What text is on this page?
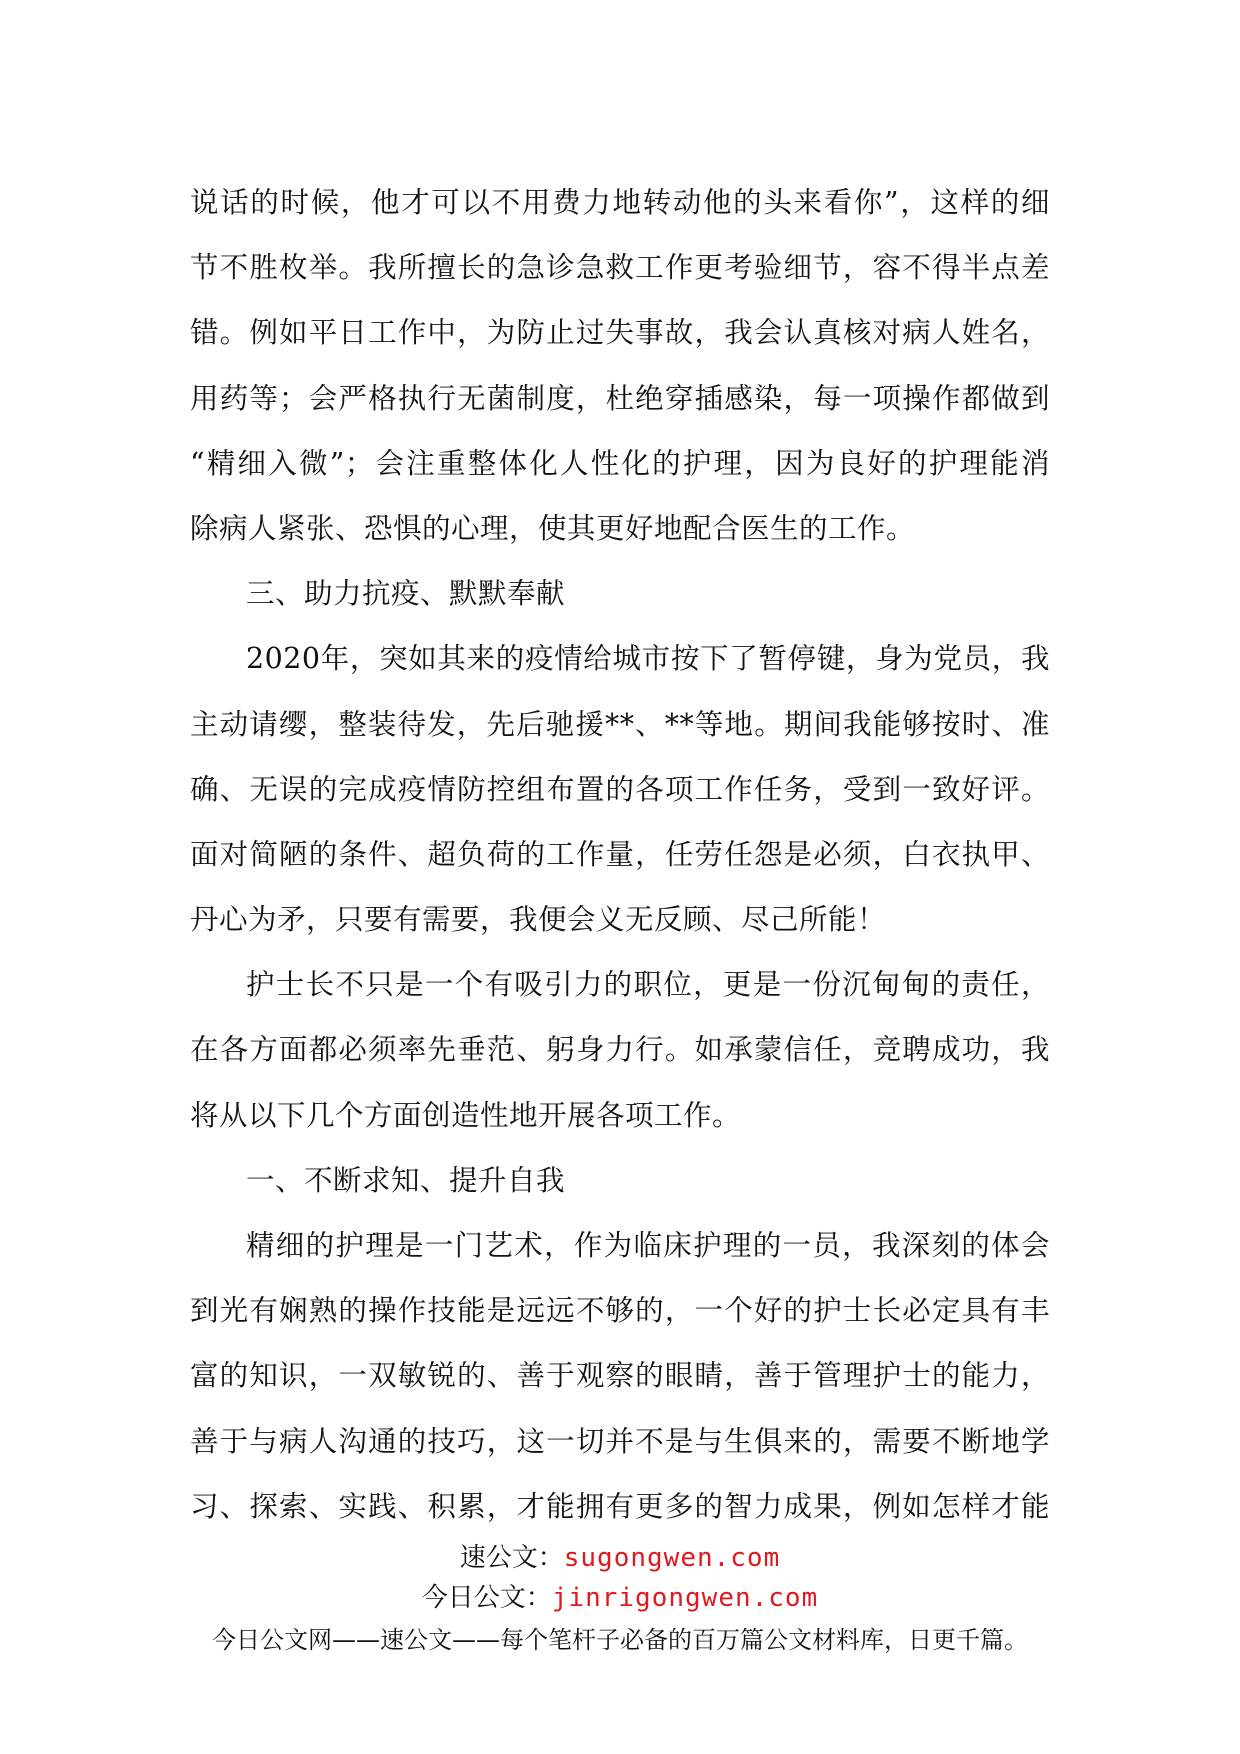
说话的时候，他才可以不用费力地转动他的头来看你”，这样的细
节不胜枚举。我所擅长的急诊急救工作更考验细节，容不得半点差
错。例如平日工作中，为防止过失事故，我会认真核对病人姓名，
用药等；会严格执行无菌制度，杜绝穿插感染，每一项操作都做到
“精细入微”；会注重整体化人性化的护理，因为良好的护理能消
除病人紧张、恐惧的心理，使其更好地配合医生的工作。
三、助力抗疫、默默奉献
2020年，突如其来的疫情给城市按下了暂停键，身为党员，我
主动请缨，整装待发，先后驰援**、**等地。期间我能够按时、准
确、无误的完成疫情防控组布置的各项工作任务，受到一致好评。
面对简陋的条件、超负荷的工作量，任劳任怨是必须，白衣执甲、
丹心为矛，只要有需要，我便会义无反顾、尽己所能！
护士长不只是一个有吸引力的职位，更是一份沉甸甸的责任，
在各方面都必须率先垂范、躬身力行。如承蒙信任，竞聘成功，我
将从以下几个方面创造性地开展各项工作。
一、不断求知、提升自我
精细的护理是一门艺术，作为临床护理的一员，我深刻的体会
到光有娴熟的操作技能是远远不够的，一个好的护士长必定具有丰
富的知识，一双敏锐的、善于观察的眼睛，善于管理护士的能力，
善于与病人沟通的技巧，这一切并不是与生俱来的，需要不断地学
习、探索、实践、积累，才能拥有更多的智力成果，例如怎样才能
速公文：sugongwen.com
今日公文：jinrigongwen.com
今日公文网——速公文——每个笔杆子必备的百万篇公文材料库，日更千篇。
